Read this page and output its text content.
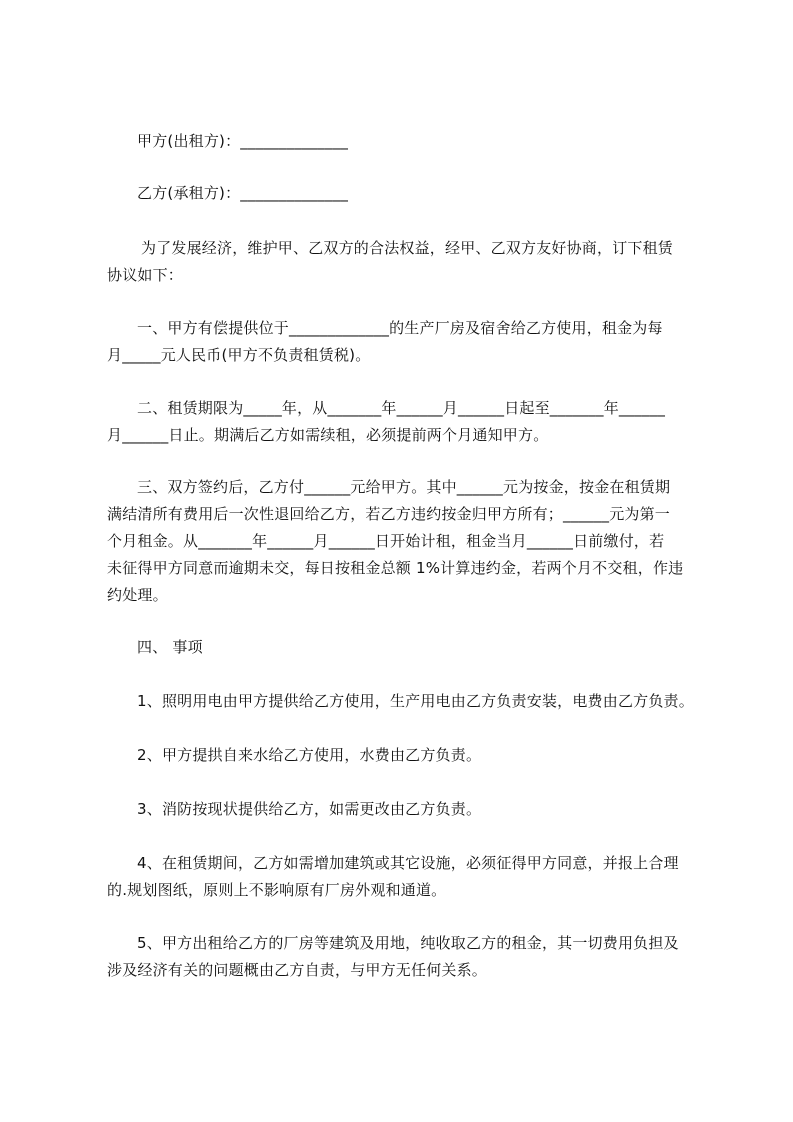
甲方(出租方)：______________
乙方(承租方)：______________
为了发展经济，维护甲、乙双方的合法权益，经甲、乙双方友好协商，订下租赁
协议如下：
一、甲方有偿提供位于_____________的生产厂房及宿舍给乙方使用，租金为每
月_____元人民币(甲方不负责租赁税)。
二、租赁期限为_____年，从_______年______月______日起至_______年______
月______日止。期满后乙方如需续租，必须提前两个月通知甲方。
三、双方签约后，乙方付______元给甲方。其中______元为按金，按金在租赁期
满结清所有费用后一次性退回给乙方，若乙方违约按金归甲方所有；______元为第一
个月租金。从_______年______月______日开始计租，租金当月______日前缴付，若
未征得甲方同意而逾期未交，每日按租金总额 1%计算违约金，若两个月不交租，作违
约处理。
四、 事项
1、照明用电由甲方提供给乙方使用，生产用电由乙方负责安装，电费由乙方负责。
2、甲方提拱自来水给乙方使用，水费由乙方负责。
3、消防按现状提供给乙方，如需更改由乙方负责。
4、在租赁期间，乙方如需增加建筑或其它设施，必须征得甲方同意，并报上合理
的.规划图纸，原则上不影响原有厂房外观和通道。
5、甲方出租给乙方的厂房等建筑及用地，纯收取乙方的租金，其一切费用负担及
涉及经济有关的问题概由乙方自责，与甲方无任何关系。
